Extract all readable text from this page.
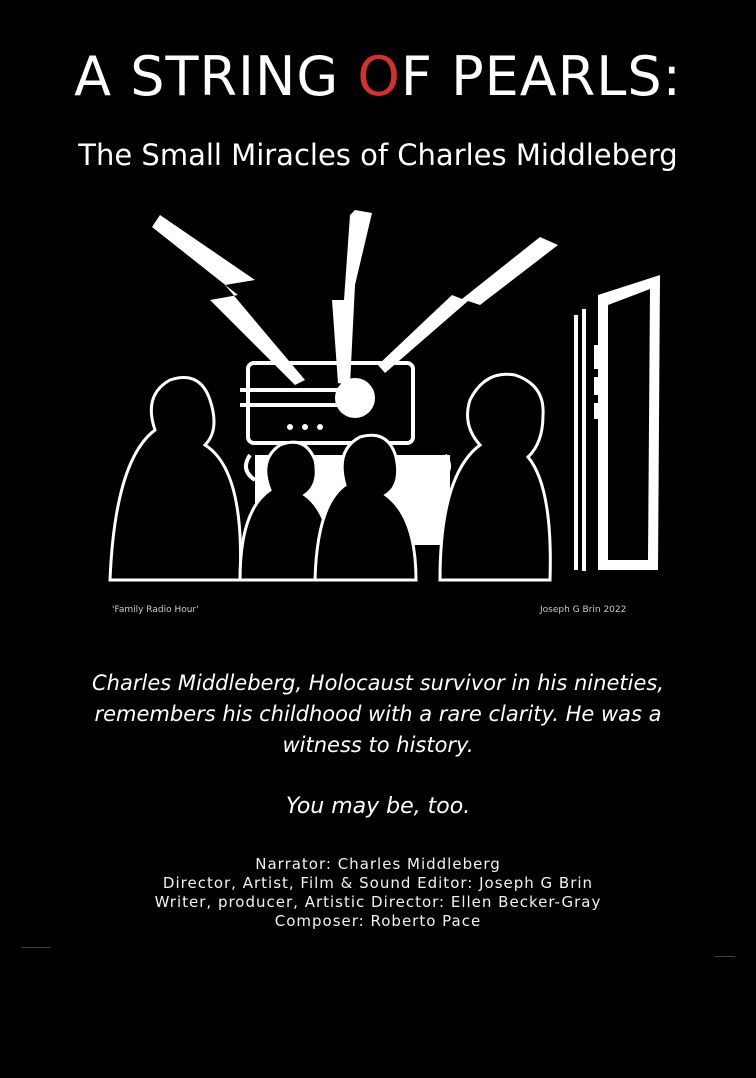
A STRING OF PEARLS:
The Small Miracles of Charles Middleberg
'Family Radio Hour'	Joseph G Brin 2022
Charles Middleberg, Holocaust survivor in his nineties, remembers his childhood with a rare clarity. He was a witness to history.
You may be, too.
Narrator: Charles Middleberg
Director, Artist, Film & Sound Editor: Joseph G Brin
Writer, producer, Artistic Director: Ellen Becker-Gray
Composer: Roberto Pace
